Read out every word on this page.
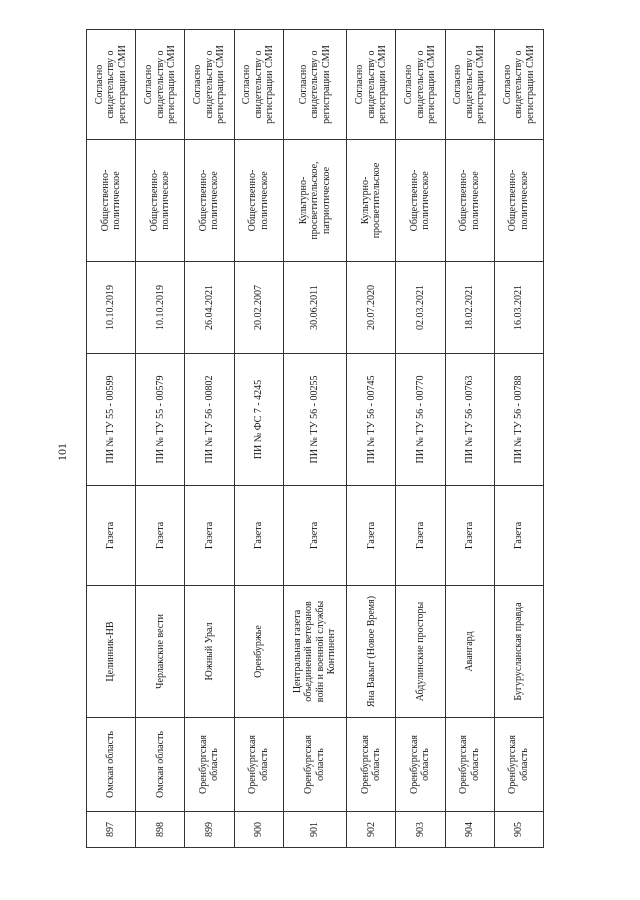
101
897	Омская область	Целинник-НВ	Газета	ПИ № ТУ 55 - 00599	10.10.2019	Общественно-политическое	Согласно свидетельству о регистрации СМИ
898	Омская область	Черлакские вести	Газета	ПИ № ТУ 55 - 00579	10.10.2019	Общественно-политическое	Согласно свидетельству о регистрации СМИ
899	Оренбургская область	Южный Урал	Газета	ПИ № ТУ 56 - 00802	26.04.2021	Общественно-политическое	Согласно свидетельству о регистрации СМИ
900	Оренбургская область	Оренбуржье	Газета	ПИ № ФС 7 - 4245	20.02.2007	Общественно-политическое	Согласно свидетельству о регистрации СМИ
901	Оренбургская область	Центральная газета объединений ветеранов войн и военной службы Континент	Газета	ПИ № ТУ 56 - 00255	30.06.2011	Культурно-просветительское, патриотическое	Согласно свидетельству о регистрации СМИ
902	Оренбургская область	Яна Вакыт (Новое Время)	Газета	ПИ № ТУ 56 - 00745	20.07.2020	Культурно-просветительское	Согласно свидетельству о регистрации СМИ
903	Оренбургская область	Абдулинские просторы	Газета	ПИ № ТУ 56 - 00770	02.03.2021	Общественно-политическое	Согласно свидетельству о регистрации СМИ
904	Оренбургская область	Авангард	Газета	ПИ № ТУ 56 - 00763	18.02.2021	Общественно-политическое	Согласно свидетельству о регистрации СМИ
905	Оренбургская область	Бугурусланская правда	Газета	ПИ № ТУ 56 - 00788	16.03.2021	Общественно-политическое	Согласно свидетельству о регистрации СМИ
